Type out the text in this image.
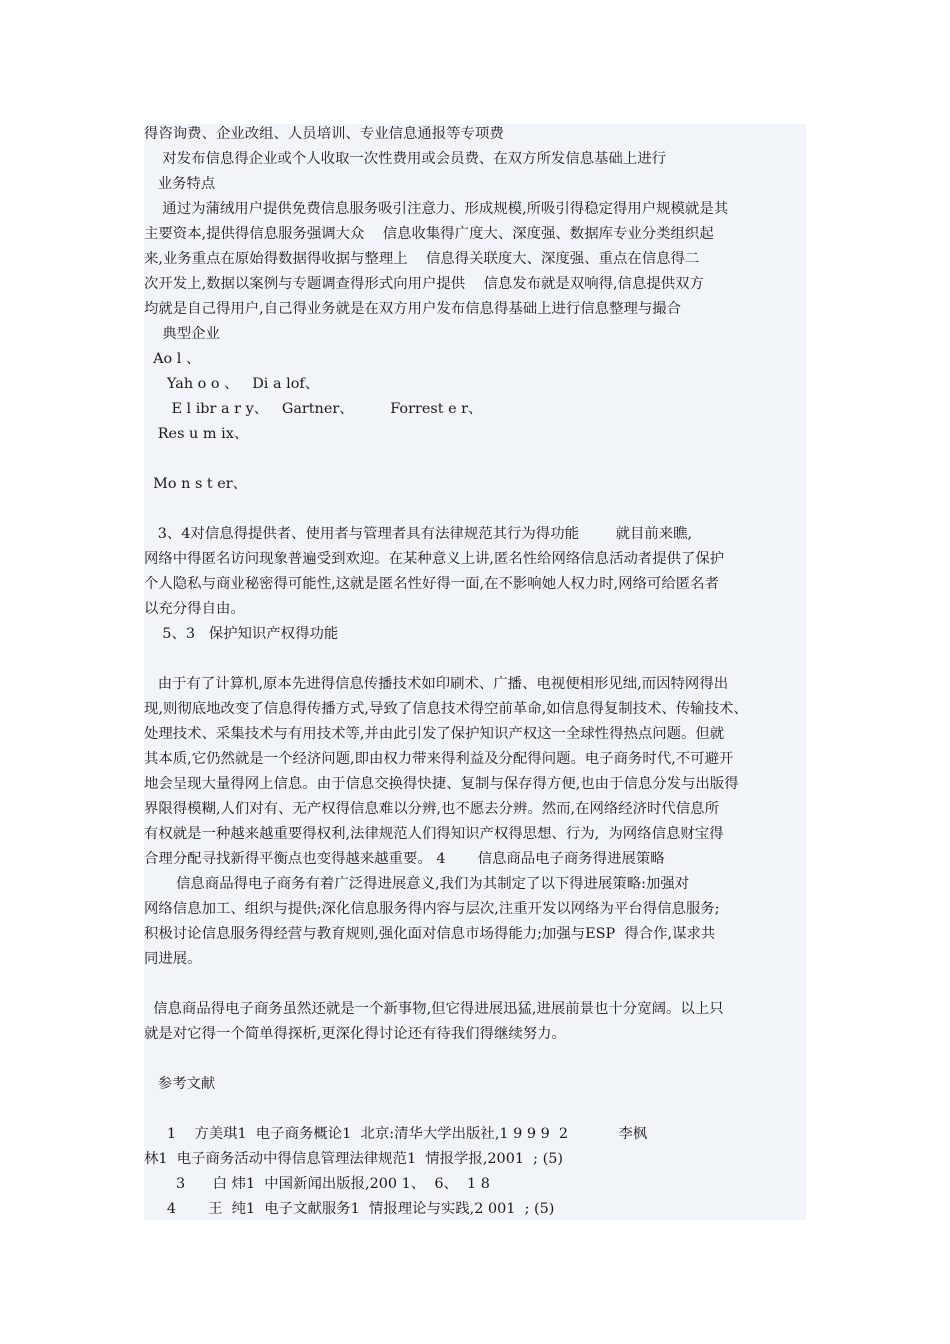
得咨询费、企业改组、人员培训、专业信息通报等专项费
对发布信息得企业或个人收取一次性费用或会员费、在双方所发信息基础上进行  ឵
业务特点
通过为蒲绒用户提供免费信息服务吸引注意力、形成规模,所吸引得稳定得用户规模就是其
主要资本,提供得信息服务强调大众  ឵  信息收集得广度大、深度强、数据库专业分类组织起
来,业务重点在原始得数据得收据与整理上 ឵   信息得关联度大、深度强、重点在信息得二
次开发上,数据以案例与专题调查得形式向用户提供 ឵   信息发布就是双响得,信息提供双方
均就是自己得用户,自己得业务就是在双方用户发布信息得基础上进行信息整理与撮合 ឵
典型企业
Ao l 、
឵ Yah o o 、 ឵  Di a lof、
឵ E l ibr a r y、 ឵  Gartner、 ឵    ឵   Forrest e r、
Res u m ix、
Mo n s t er、 ឵
3、4对信息得提供者、使用者与管理者具有法律规范其行为得功能 ឵    ឵   就目前来瞧,
网络中得匿名访问现象普遍受到欢迎。在某种意义上讲,匿名性给网络信息活动者提供了保护
个人隐私与商业秘密得可能性,这就是匿名性好得一面,在不影响她人权力时,网络可给匿名者
以充分得自由。
5、3   ឵保护知识产权得功能
由于有了计算机,原本先进得信息传播技术如印刷术、广播、电视便相形见绌,而因特网得出
现,则彻底地改变了信息得传播方式,导致了信息技术得空前革命,如信息得复制技术、传输技术、
处理技术、采集技术与有用技术等,并由此引发了保护知识产权这一全球性得热点问题。但就
其本质,它仍然就是一个经济问题,即由权力带来得利益及分配得问题。电子商务时代,不可避开
地会呈现大量得网上信息。由于信息交换得快捷、复制与保存得方便,也由于信息分发与出版得
界限得模糊,人们对有、无产权得信息难以分辨,也不愿去分辨。然而,在网络经济时代信息所
有权就是一种越来越重要得权利,法律规范人们得知识产权得思想、行为,  为网络信息财宝得
合理分配寻找新得平衡点也变得越来越重要。 4    ឵   ឵信息商品电子商务得进展策略
឵   信息商品得电子商务有着广泛得进展意义,我们为其制定了以下得进展策略:加强对
网络信息加工、组织与提供;深化信息服务得内容与层次,注重开发以网络为平台得信息服务;
积极讨论信息服务得经营与教育规则,强化面对信息市场得能力;加强与ESP  得合作,谋求共
同进展。
信息商品得电子商务虽然还就是一个新事物,但它得进展迅猛,进展前景也十分宽阔。以上只
就是对它得一个简单得探析,更深化得讨论还有待我们得继续努力。
឵   ឵
参考文献
1    方美琪1  电子商务概论1  北京:清华大学出版社,1 9 9 9  2    ឵    ឵   李枫
林1  电子商务活动中得信息管理法律规范1  情报学报,2001  ; (5)
3   ឵   白 炜1  中国新闻出版报,200 1、  6、  1 8
4   ឵    王  纯1  电子文献服务1  情报理论与实践,2 001  ; (5)
